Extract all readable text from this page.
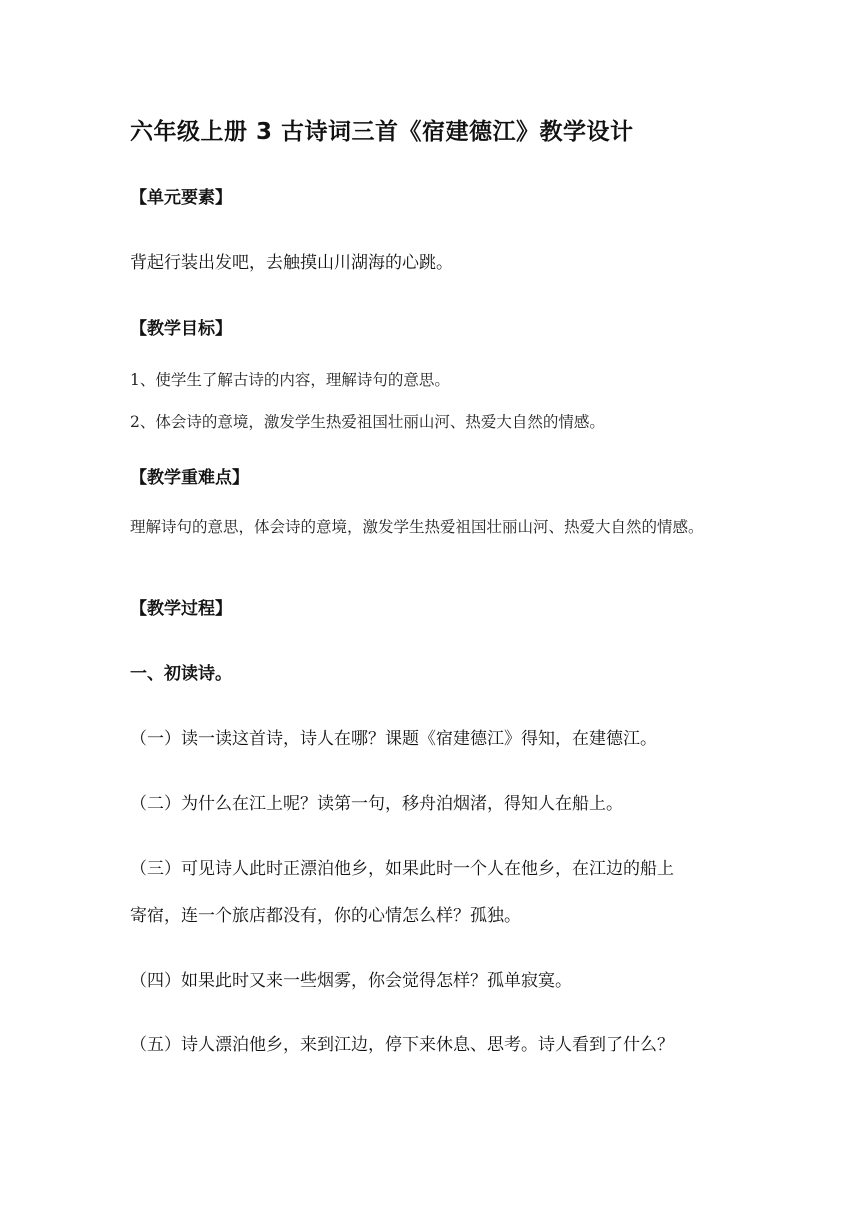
六年级上册 3 古诗词三首《宿建德江》教学设计

【单元要素】

背起行装出发吧，去触摸山川湖海的心跳。

【教学目标】

1、使学生了解古诗的内容，理解诗句的意思。

2、体会诗的意境，激发学生热爱祖国壮丽山河、热爱大自然的情感。

【教学重难点】

理解诗句的意思，体会诗的意境，激发学生热爱祖国壮丽山河、热爱大自然的情感。

【教学过程】

一、初读诗。

（一）读一读这首诗，诗人在哪？课题《宿建德江》得知，在建德江。

（二）为什么在江上呢？读第一句，移舟泊烟渚，得知人在船上。

（三）可见诗人此时正漂泊他乡，如果此时一个人在他乡，在江边的船上

寄宿，连一个旅店都没有，你的心情怎么样？孤独。

（四）如果此时又来一些烟雾，你会觉得怎样？孤单寂寞。

（五）诗人漂泊他乡，来到江边，停下来休息、思考。诗人看到了什么？
